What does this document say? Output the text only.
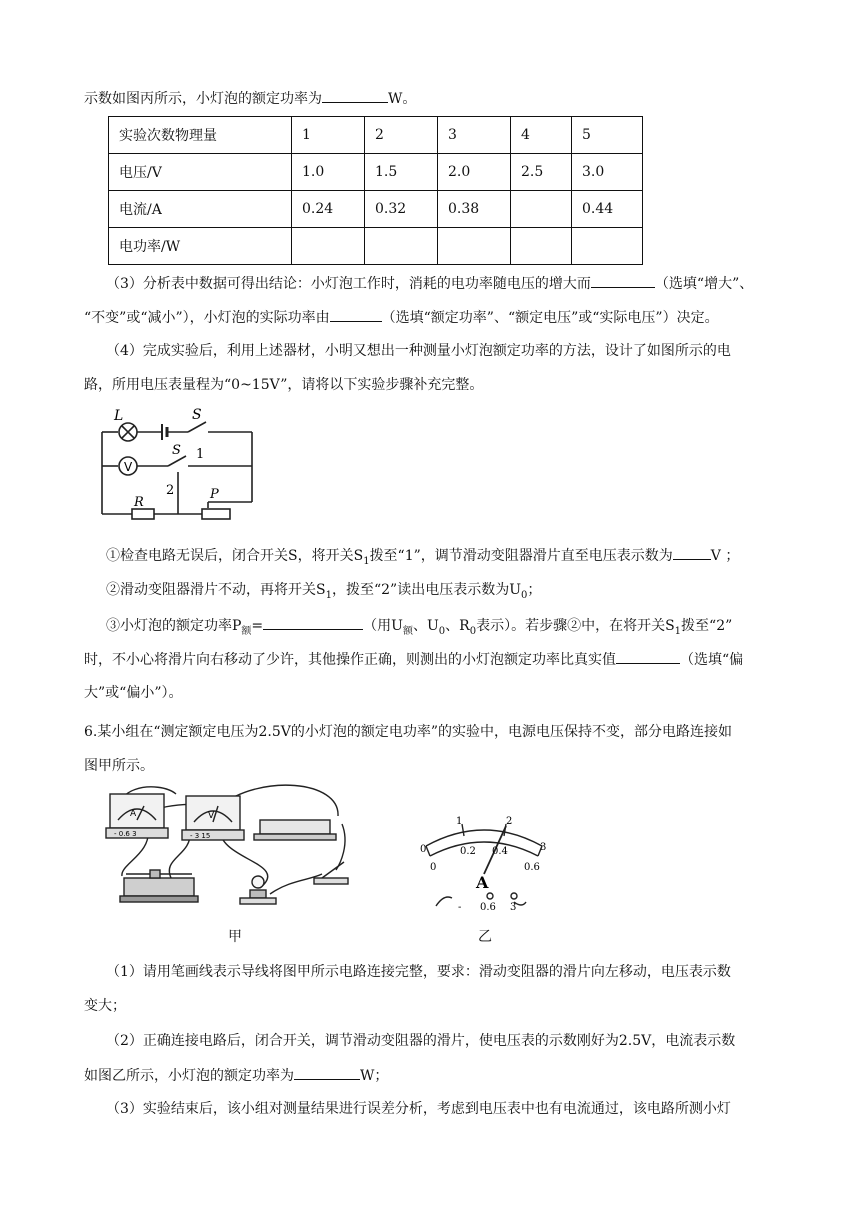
示数如图丙所示，小灯泡的额定功率为	W。
实验次数物理量	1	2	3	4	5
电压/V	1.0	1.5	2.0	2.5	3.0
电流/A	0.24	0.32	0.38		0.44
电功率/W					
（3）分析表中数据可得出结论：小灯泡工作时，消耗的电功率随电压的增大而	（选填“增大”、
“不变”或“减小”），小灯泡的实际功率由	（选填“额定功率”、“额定电压”或“实际电压”）决定。
（4）完成实验后，利用上述器材，小明又想出一种测量小灯泡额定功率的方法，设计了如图所示的电
路，所用电压表量程为“0~15V”，请将以下实验步骤补充完整。
L	S
V
S 1
2
R
P
①检查电路无误后，闭合开关S，将开关$S_1$拨至“1”，调节滑动变阻器滑片直至电压表示数为	V ；
②滑动变阻器滑片不动，再将开关$S_1$，拨至“2”读出电压表示数为$U_0$；
③小灯泡的额定功率$P_额=$	（用$U_额$、$U_0$、$R_0$表示）。若步骤②中，在将开关$S_1$拨至“2”
时，不小心将滑片向右移动了少许，其他操作正确，则测出的小灯泡额定功率比真实值	（选填“偏
大”或“偏小”）。
6.某小组在“测定额定电压为2.5V的小灯泡的额定电功率”的实验中，电源电压保持不变，部分电路连接如
图甲所示。
A	V
- 0.6 3	- 3 15
甲
0
1	2
3
0
0.2 0.4
0.6
A
- 0.6 3
乙
（1）请用笔画线表示导线将图甲所示电路连接完整，要求：滑动变阻器的滑片向左移动，电压表示数
变大；
（2）正确连接电路后，闭合开关，调节滑动变阻器的滑片，使电压表的示数刚好为2.5V，电流表示数
如图乙所示，小灯泡的额定功率为	W；
（3）实验结束后，该小组对测量结果进行误差分析，考虑到电压表中也有电流通过，该电路所测小灯
